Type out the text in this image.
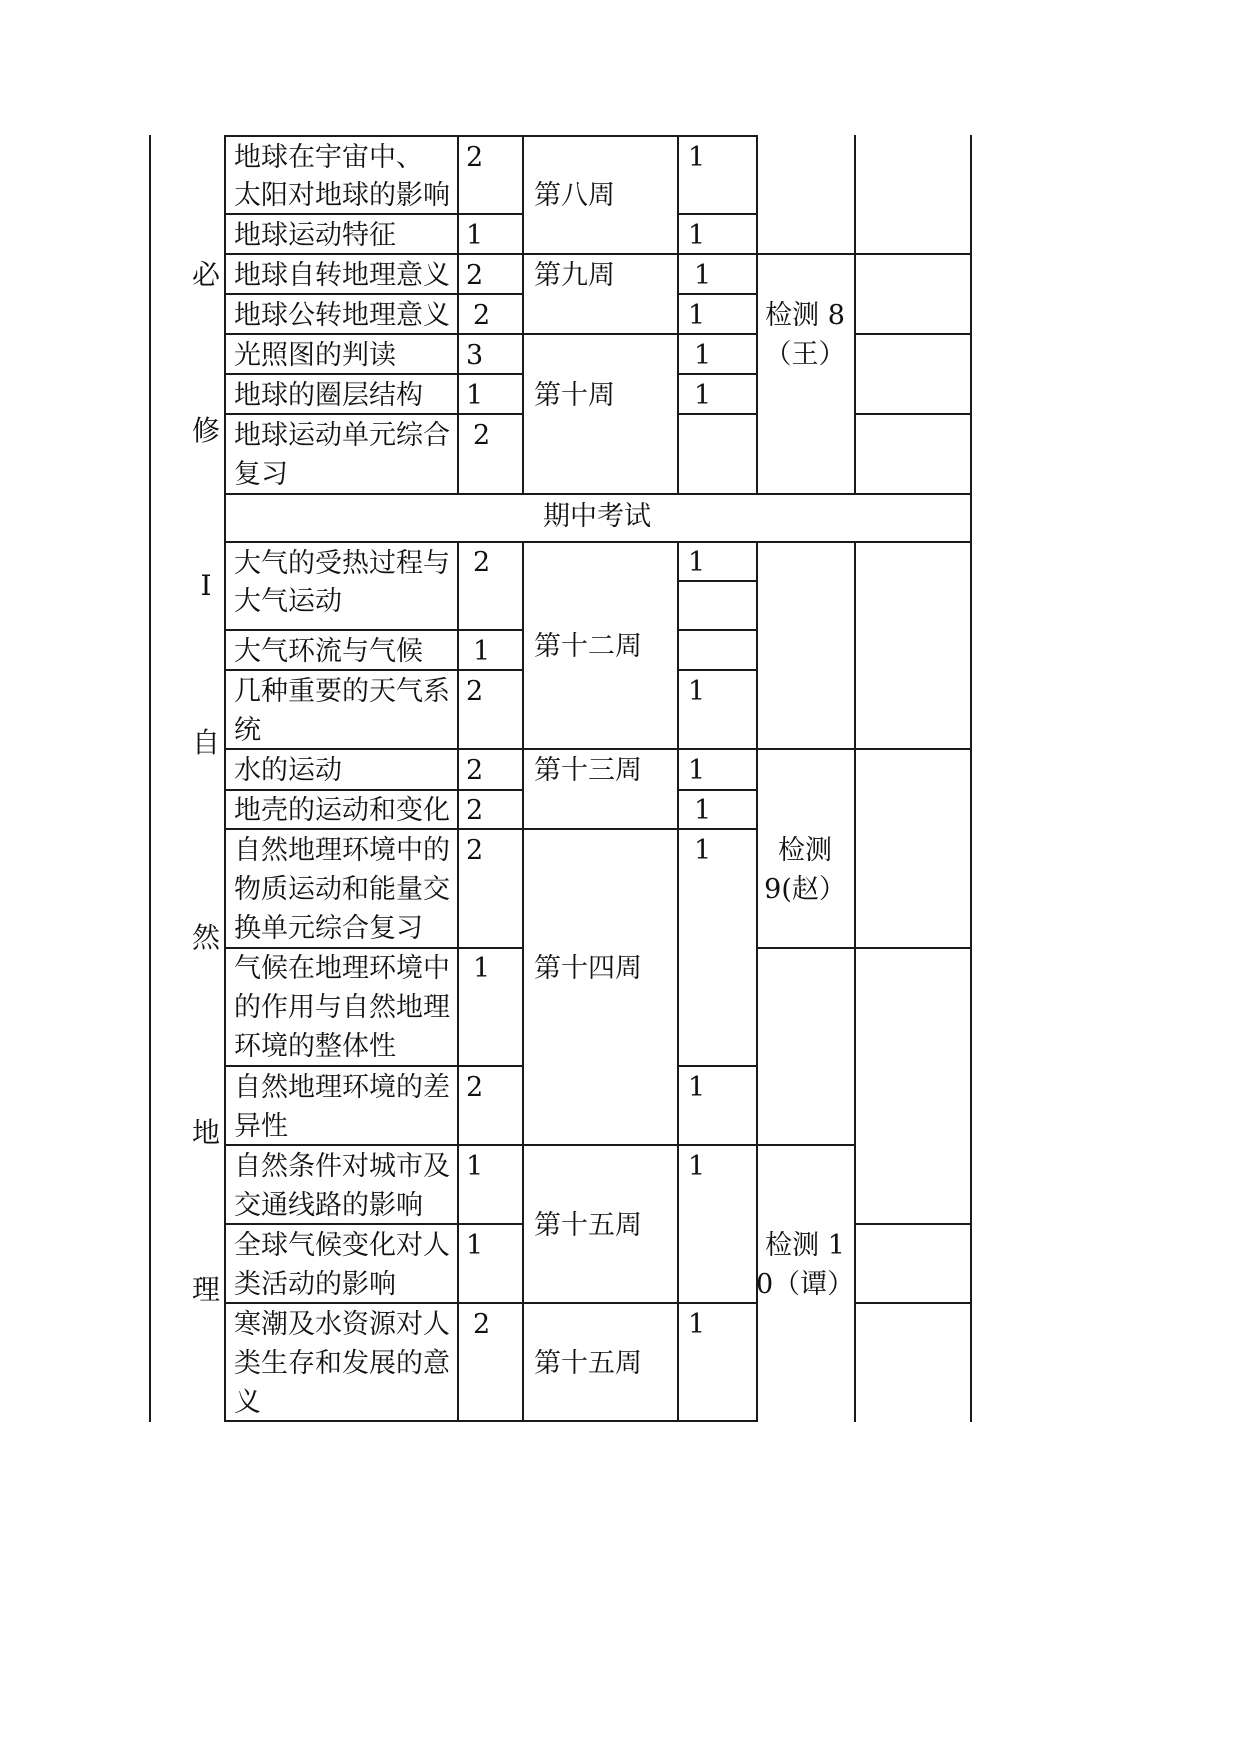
必
修
I
自
然
地
理
地球在宇宙中、
太阳对地球的影响
地球运动特征
地球自转地理意义
地球公转地理意义
光照图的判读
地球的圈层结构
地球运动单元综合
复习
大气的受热过程与
大气运动
大气环流与气候
几种重要的天气系
统
水的运动
地壳的运动和变化
自然地理环境中的
物质运动和能量交
换单元综合复习
气候在地理环境中
的作用与自然地理
环境的整体性
自然地理环境的差
异性
自然条件对城市及
交通线路的影响
全球气候变化对人
类活动的影响
寒潮及水资源对人
类生存和发展的意
义
2
1
2
2
3
1
2
2
1
2
2
2
2
1
2
1
1
2
第八周
第九周
第十周
第十二周
第十三周
第十四周
第十五周
第十五周
1
1
1
1
1
1
1
1
1
1
1
1
1
1
检测 8
（王）
检测
9(赵）
检测 1
0（谭）
期中考试
